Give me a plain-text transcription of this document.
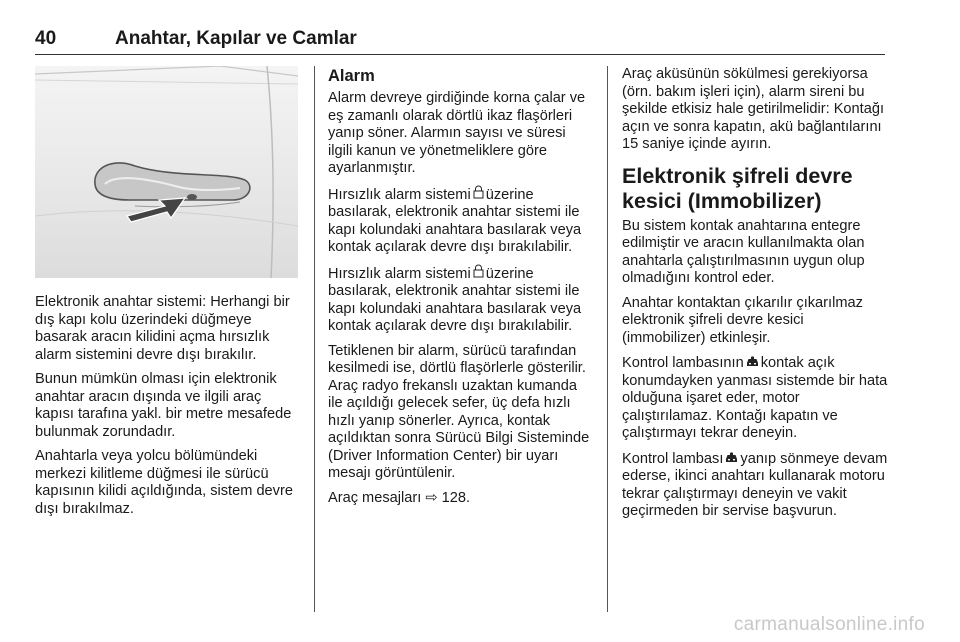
40	Anahtar, Kapılar ve Camlar

Elektronik anahtar sistemi: Herhangi bir dış kapı kolu üzerindeki düğmeye basarak aracın kilidini açma hırsızlık alarm sistemini devre dışı bırakılır.

Bunun mümkün olması için elektronik anahtar aracın dışında ve ilgili araç kapısı tarafına yakl. bir metre mesafede bulunmak zorundadır.

Anahtarla veya yolcu bölümündeki merkezi kilitleme düğmesi ile sürücü kapısının kilidi açıldığında, sistem devre dışı bırakılmaz.

Alarm

Alarm devreye girdiğinde korna çalar ve eş zamanlı olarak dörtlü ikaz flaşörleri yanıp söner. Alarmın sayısı ve süresi ilgili kanun ve yönetmeliklere göre ayarlanmıştır.

Hırsızlık alarm sistemi üzerine basılarak, elektronik anahtar sistemi ile kapı kolundaki anahtara basılarak veya kontak açılarak devre dışı bırakılabilir.

Hırsızlık alarm sistemi üzerine basılarak, elektronik anahtar sistemi ile kapı kolundaki anahtara basılarak veya kontak açılarak devre dışı bırakılabilir.

Tetiklenen bir alarm, sürücü tarafından kesilmedi ise, dörtlü flaşörlerle gösterilir. Araç radyo frekanslı uzaktan kumanda ile açıldığı gelecek sefer, üç defa hızlı hızlı yanıp sönerler. Ayrıca, kontak açıldıktan sonra Sürücü Bilgi Sisteminde (Driver Information Center) bir uyarı mesajı görüntülenir.

Araç mesajları ⇨ 128.

Araç aküsünün sökülmesi gerekiyorsa (örn. bakım işleri için), alarm sireni bu şekilde etkisiz hale getirilmelidir: Kontağı açın ve sonra kapatın, akü bağlantılarını 15 saniye içinde ayırın.

Elektronik şifreli devre kesici (Immobilizer)

Bu sistem kontak anahtarına entegre edilmiştir ve aracın kullanılmakta olan anahtarla çalıştırılmasının uygun olup olmadığını kontrol eder.

Anahtar kontaktan çıkarılır çıkarılmaz elektronik şifreli devre kesici (immobilizer) etkinleşir.

Kontrol lambasının kontak açık konumdayken yanması sistemde bir hata olduğuna işaret eder, motor çalıştırılamaz. Kontağı kapatın ve çalıştırmayı tekrar deneyin.

Kontrol lambası yanıp sönmeye devam ederse, ikinci anahtarı kullanarak motoru tekrar çalıştırmayı deneyin ve vakit geçirmeden bir servise başvurun.

carmanualsonline.info
